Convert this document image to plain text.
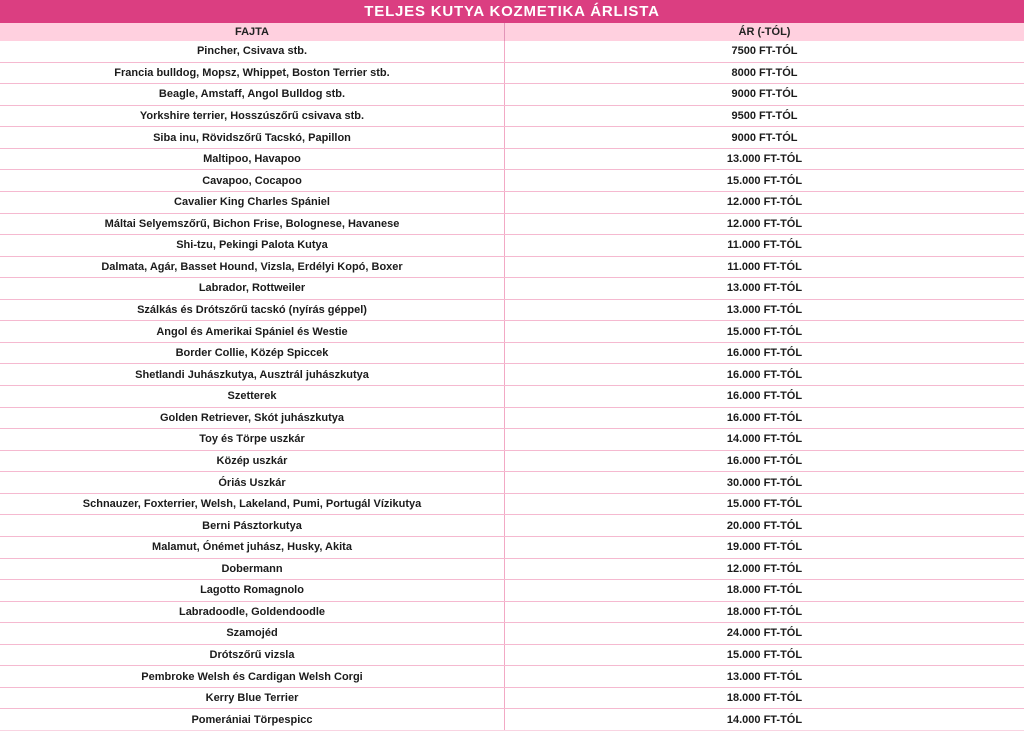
TELJES KUTYA KOZMETIKA ÁRLISTA
FAJTA	ÁR (-TÓL)
Pincher, Csivava stb.	7500 FT-TÓL
Francia bulldog, Mopsz, Whippet, Boston Terrier stb.	8000 FT-TÓL
Beagle, Amstaff, Angol Bulldog stb.	9000 FT-TÓL
Yorkshire terrier, Hosszúszőrű csivava stb.	9500 FT-TÓL
Siba inu, Rövidszőrű Tacskó, Papillon	9000 FT-TÓL
Maltipoo, Havapoo	13.000 FT-TÓL
Cavapoo, Cocapoo	15.000 FT-TÓL
Cavalier King Charles Spániel	12.000 FT-TÓL
Máltai Selyemszőrű, Bichon Frise, Bolognese, Havanese	12.000 FT-TÓL
Shi-tzu, Pekingi Palota Kutya	11.000 FT-TÓL
Dalmata, Agár, Basset Hound, Vizsla, Erdélyi Kopó, Boxer	11.000 FT-TÓL
Labrador, Rottweiler	13.000 FT-TÓL
Szálkás és Drótszőrű tacskó (nyírás géppel)	13.000 FT-TÓL
Angol és Amerikai Spániel és Westie	15.000 FT-TÓL
Border Collie, Közép Spiccek	16.000 FT-TÓL
Shetlandi Juhászkutya, Ausztrál juhászkutya	16.000 FT-TÓL
Szetterek	16.000 FT-TÓL
Golden Retriever, Skót juhászkutya	16.000 FT-TÓL
Toy és Törpe uszkár	14.000 FT-TÓL
Közép uszkár	16.000 FT-TÓL
Óriás Uszkár	30.000 FT-TÓL
Schnauzer, Foxterrier, Welsh, Lakeland, Pumi, Portugál Vízikutya	15.000 FT-TÓL
Berni Pásztorkutya	20.000 FT-TÓL
Malamut, Ónémet juhász, Husky, Akita	19.000 FT-TÓL
Dobermann	12.000 FT-TÓL
Lagotto Romagnolo	18.000 FT-TÓL
Labradoodle, Goldendoodle	18.000 FT-TÓL
Szamojéd	24.000 FT-TÓL
Drótszőrű vizsla	15.000 FT-TÓL
Pembroke Welsh és Cardigan Welsh Corgi	13.000 FT-TÓL
Kerry Blue Terrier	18.000 FT-TÓL
Pomerániai Törpespicc	14.000 FT-TÓL
